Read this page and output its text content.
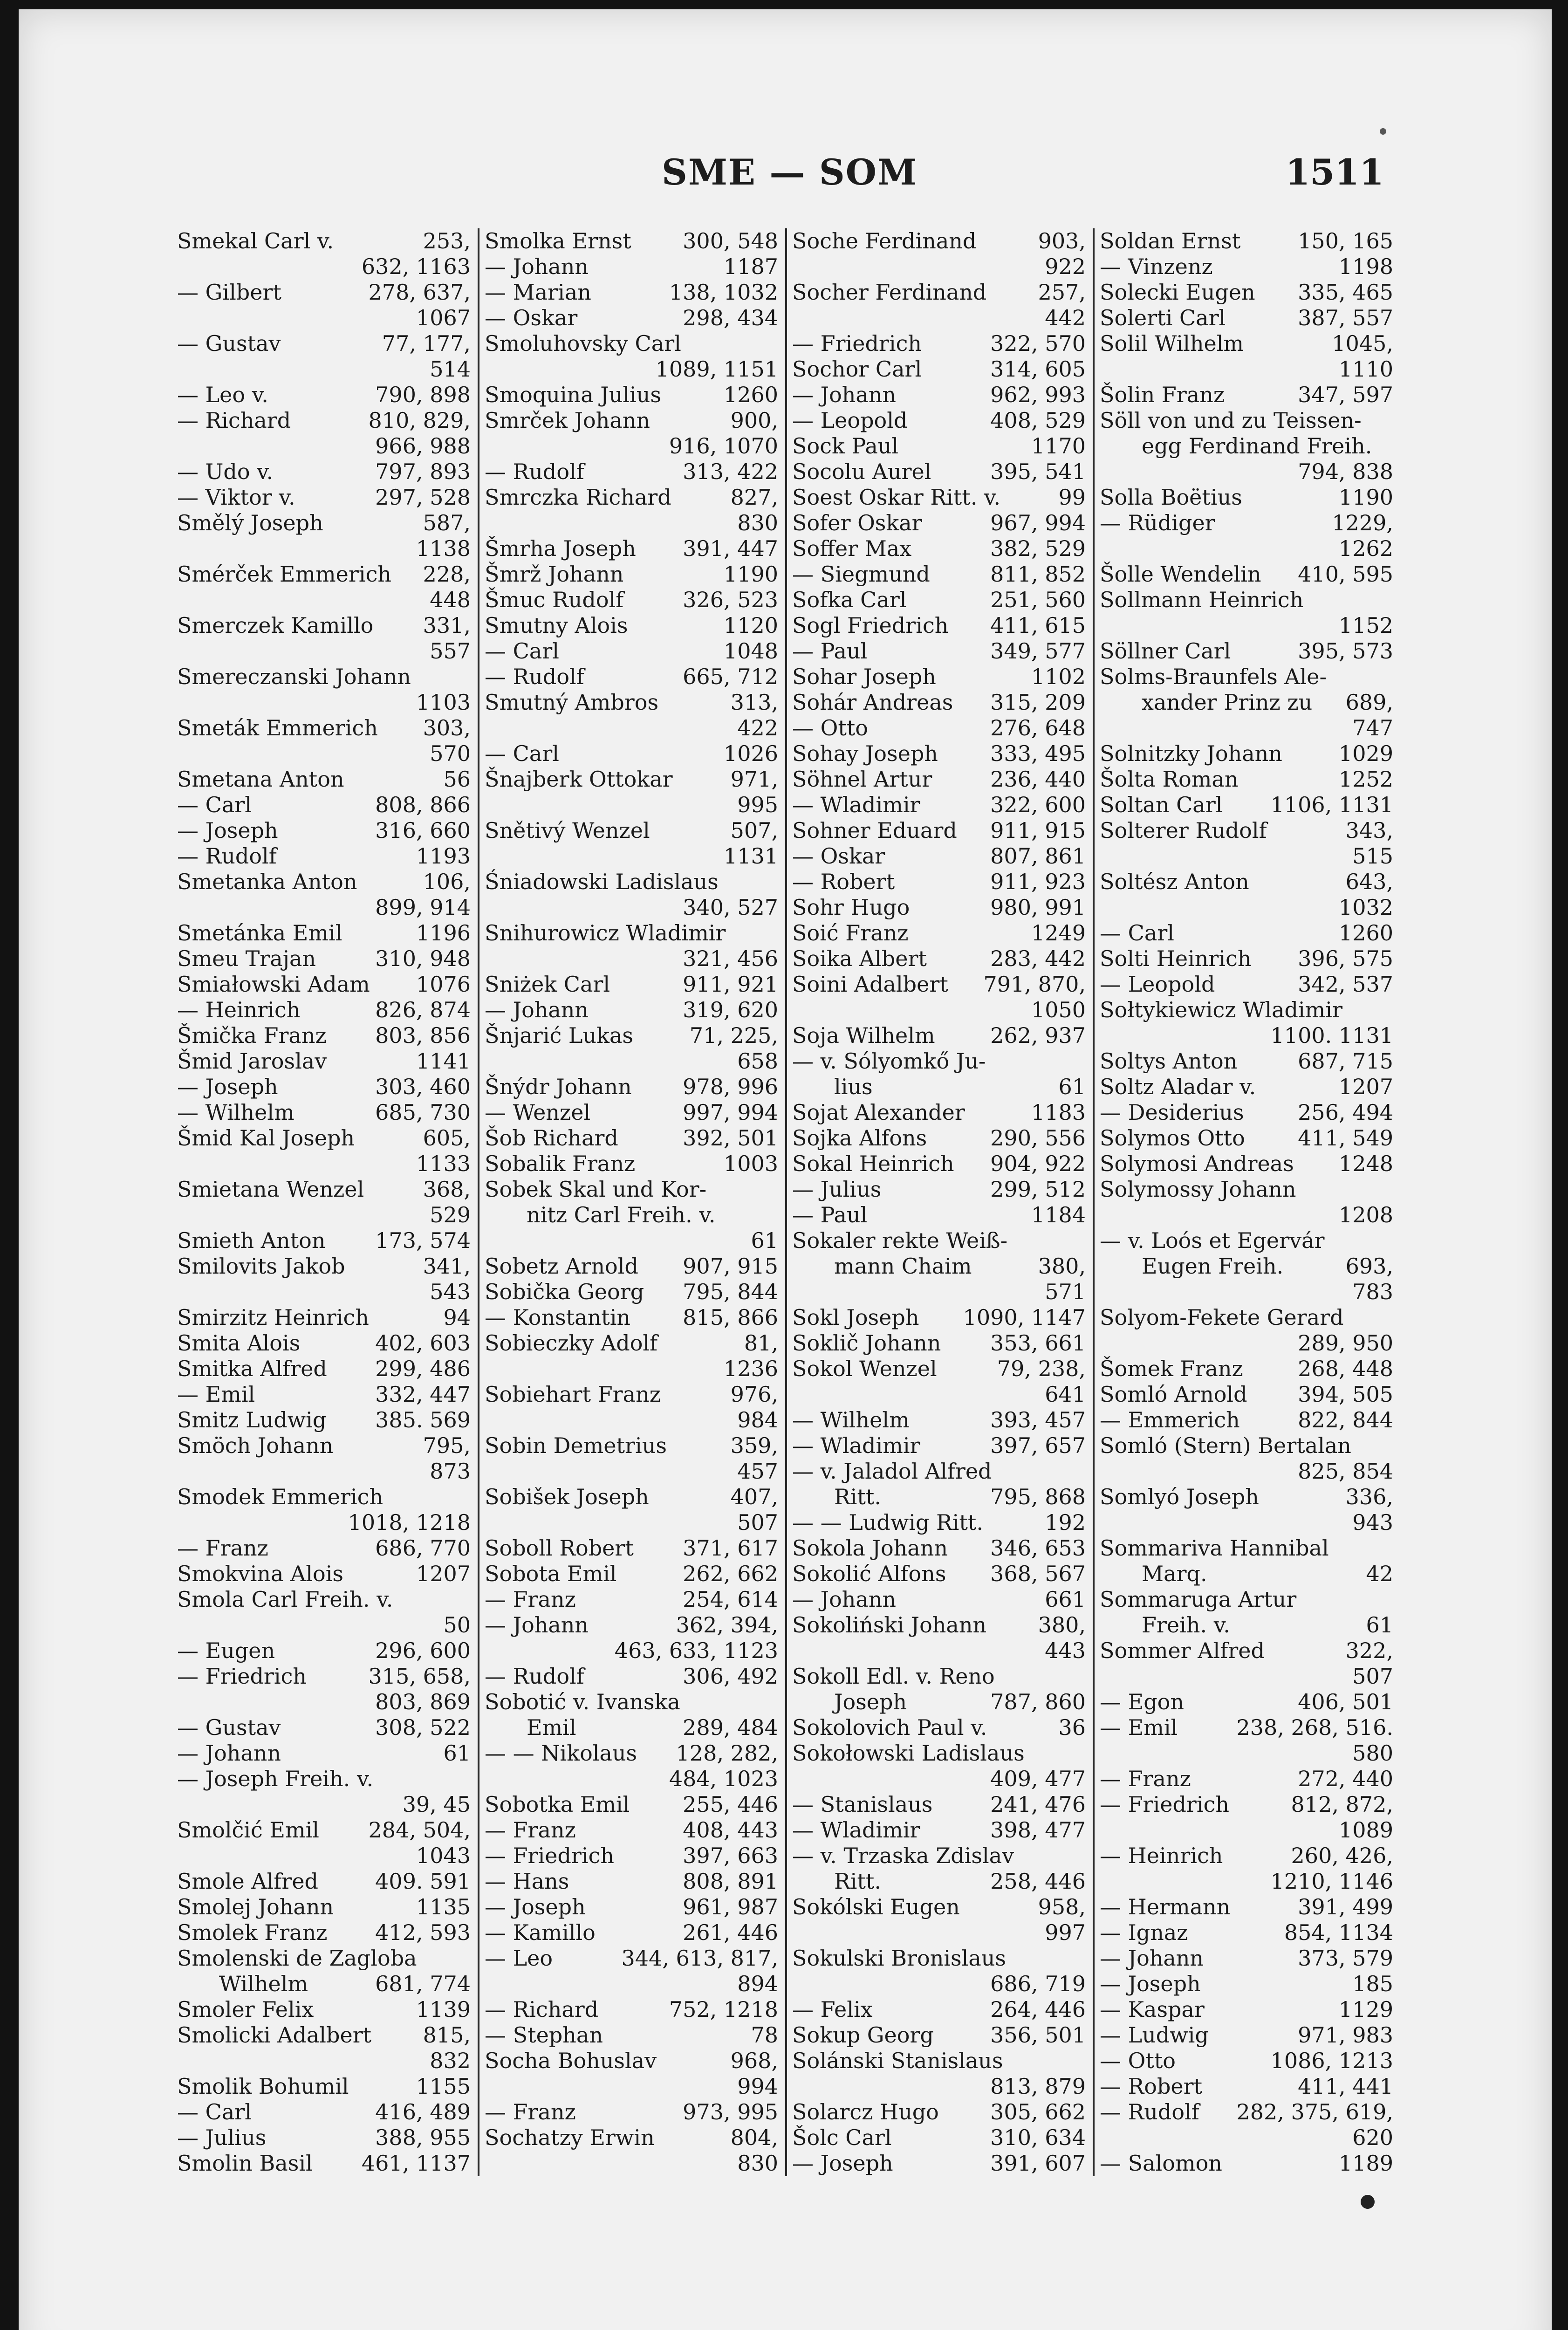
SME — SOM	1511
Smekal Carl v.	253,
632, 1163
— Gilbert	278, 637,
1067
— Gustav	77, 177,
514
— Leo v.	790, 898
— Richard	810, 829,
966, 988
— Udo v.	797, 893
— Viktor v.	297, 528
Smělý Joseph	587,
1138
Smérček Emmerich 228,
448
Smerczek Kamillo 331,
557
Smereczanski Johann
1103
Smeták Emmerich 303,
570
Smetana Anton	56
— Carl	808, 866
— Joseph	316, 660
— Rudolf	1193
Smetanka Anton	106,
899, 914
Smetánka Emil	1196
Smeu Trajan	310, 948
Smiałowski Adam 1076
— Heinrich	826, 874
Šmička Franz 803, 856
Šmid Jaroslav	1141
— Joseph	303, 460
— Wilhelm	685, 730
Šmid Kal Joseph	605,
1133
Smietana Wenzel	368,
529
Smieth Anton 173, 574
Smilovits Jakob	341,
543
Smirzitz Heinrich	94
Smita Alois	402, 603
Smitka Alfred 299, 486
— Emil	332, 447
Smitz Ludwig 385. 569
Smöch Johann	795,
873
Smodek Emmerich
1018, 1218
— Franz	686, 770
Smokvina Alois	1207
Smola Carl Freih. v.
50
— Eugen	296, 600
— Friedrich	315, 658,
803, 869
— Gustav	308, 522
— Johann	61
— Joseph Freih. v.
39, 45
Smolčić Emil 284, 504,
1043
Smole Alfred	409. 591
Smolej Johann	1135
Smolek Franz 412, 593
Smolenski de Zagloba
Wilhelm	681, 774
Smoler Felix	1139
Smolicki Adalbert 815,
832
Smolik Bohumil	1155
— Carl	416, 489
— Julius	388, 955
Smolin Basil 461, 1137
Smolka Ernst 300, 548
— Johann	1187
— Marian	138, 1032
— Oskar	298, 434
Smoluhovsky Carl
1089, 1151
Smoquina Julius	1260
Smrček Johann	900,
916, 1070
— Rudolf	313, 422
Smrczka Richard	827,
830
Šmrha Joseph 391, 447
Šmrž Johann	1190
Šmuc Rudolf	326, 523
Smutny Alois	1120
— Carl	1048
— Rudolf	665, 712
Smutný Ambros	313,
422
— Carl	1026
Šnajberk Ottokar	971,
995
Snětivý Wenzel	507,
1131
Śniadowski Ladislaus
340, 527
Snihurowicz Wladimir
321, 456
Sniżek Carl	911, 921
— Johann	319, 620
Šnjarić Lukas	71, 225,
658
Šnýdr Johann 978, 996
— Wenzel	997, 994
Šob Richard	392, 501
Sobalik Franz	1003
Sobek Skal und Kor-
nitz Carl Freih. v.
61
Sobetz Arnold 907, 915
Sobička Georg 795, 844
— Konstantin 815, 866
Sobieczky Adolf	81,
1236
Sobiehart Franz	976,
984
Sobin Demetrius	359,
457
Sobišek Joseph	407,
507
Soboll Robert 371, 617
Sobota Emil	262, 662
— Franz	254, 614
— Johann	362, 394,
463, 633, 1123
— Rudolf	306, 492
Sobotić v. Ivanska
Emil	289, 484
— — Nikolaus 128, 282,
484, 1023
Sobotka Emil 255, 446
— Franz	408, 443
— Friedrich	397, 663
— Hans	808, 891
— Joseph	961, 987
— Kamillo	261, 446
— Leo	344, 613, 817,
894
— Richard	752, 1218
— Stephan	78
Socha Bohuslav	968,
994
— Franz	973, 995
Sochatzy Erwin	804,
830
Soche Ferdinand	903,
922
Socher Ferdinand 257,
442
— Friedrich	322, 570
Sochor Carl	314, 605
— Johann	962, 993
— Leopold	408, 529
Sock Paul	1170
Socolu Aurel	395, 541
Soest Oskar Ritt. v.	99
Sofer Oskar	967, 994
Soffer Max	382, 529
— Siegmund	811, 852
Sofka Carl	251, 560
Sogl Friedrich 411, 615
— Paul	349, 577
Sohar Joseph	1102
Sohár Andreas 315, 209
— Otto	276, 648
Sohay Joseph 333, 495
Söhnel Artur	236, 440
— Wladimir	322, 600
Sohner Eduard 911, 915
— Oskar	807, 861
— Robert	911, 923
Sohr Hugo	980, 991
Soić Franz	1249
Soika Albert	283, 442
Soini Adalbert 791, 870,
1050
Soja Wilhelm	262, 937
— v. Sólyomkő Ju-
lius	61
Sojat Alexander	1183
Sojka Alfons	290, 556
Sokal Heinrich 904, 922
— Julius	299, 512
— Paul	1184
Sokaler rekte Weiß-
mann Chaim	380,
571
Sokl Joseph 1090, 1147
Soklič Johann 353, 661
Sokol Wenzel	79, 238,
641
— Wilhelm	393, 457
— Wladimir	397, 657
— v. Jaladol Alfred
Ritt.	795, 868
— — Ludwig Ritt.	192
Sokola Johann 346, 653
Sokolić Alfons 368, 567
— Johann	661
Sokoliński Johann 380,
443
Sokoll Edl. v. Reno
Joseph	787, 860
Sokolovich Paul v.	36
Sokołowski Ladislaus
409, 477
— Stanislaus	241, 476
— Wladimir	398, 477
— v. Trzaska Zdislav
Ritt.	258, 446
Sokólski Eugen	958,
997
Sokulski Bronislaus
686, 719
— Felix	264, 446
Sokup Georg	356, 501
Solánski Stanislaus
813, 879
Solarcz Hugo 305, 662
Šolc Carl	310, 634
— Joseph	391, 607
Soldan Ernst	150, 165
— Vinzenz	1198
Solecki Eugen 335, 465
Solerti Carl	387, 557
Solil Wilhelm	1045,
1110
Šolin Franz	347, 597
Söll von und zu Teissen-
egg Ferdinand Freih.
794, 838
Solla Boëtius	1190
— Rüdiger	1229,
1262
Šolle Wendelin 410, 595
Sollmann Heinrich
1152
Söllner Carl	395, 573
Solms-Braunfels Ale-
xander Prinz zu 689,
747
Solnitzky Johann	1029
Šolta Roman	1252
Soltan Carl 1106, 1131
Solterer Rudolf	343,
515
Soltész Anton	643,
1032
— Carl	1260
Solti Heinrich 396, 575
— Leopold	342, 537
Sołtykiewicz Wladimir
1100. 1131
Soltys Anton	687, 715
Soltz Aladar v.	1207
— Desiderius	256, 494
Solymos Otto 411, 549
Solymosi Andreas 1248
Solymossy Johann
1208
— v. Loós et Egervár
Eugen Freih.	693,
783
Solyom-Fekete Gerard
289, 950
Šomek Franz	268, 448
Somló Arnold 394, 505
— Emmerich	822, 844
Somló (Stern) Bertalan
825, 854
Somlyó Joseph	336,
943
Sommariva Hannibal
Marq.	42
Sommaruga Artur
Freih. v.	61
Sommer Alfred	322,
507
— Egon	406, 501
— Emil	238, 268, 516.
580
— Franz	272, 440
— Friedrich	812, 872,
1089
— Heinrich	260, 426,
1210, 1146
— Hermann	391, 499
— Ignaz	854, 1134
— Johann	373, 579
— Joseph	185
— Kaspar	1129
— Ludwig	971, 983
— Otto	1086, 1213
— Robert	411, 441
— Rudolf 282, 375, 619,
620
— Salomon	1189
